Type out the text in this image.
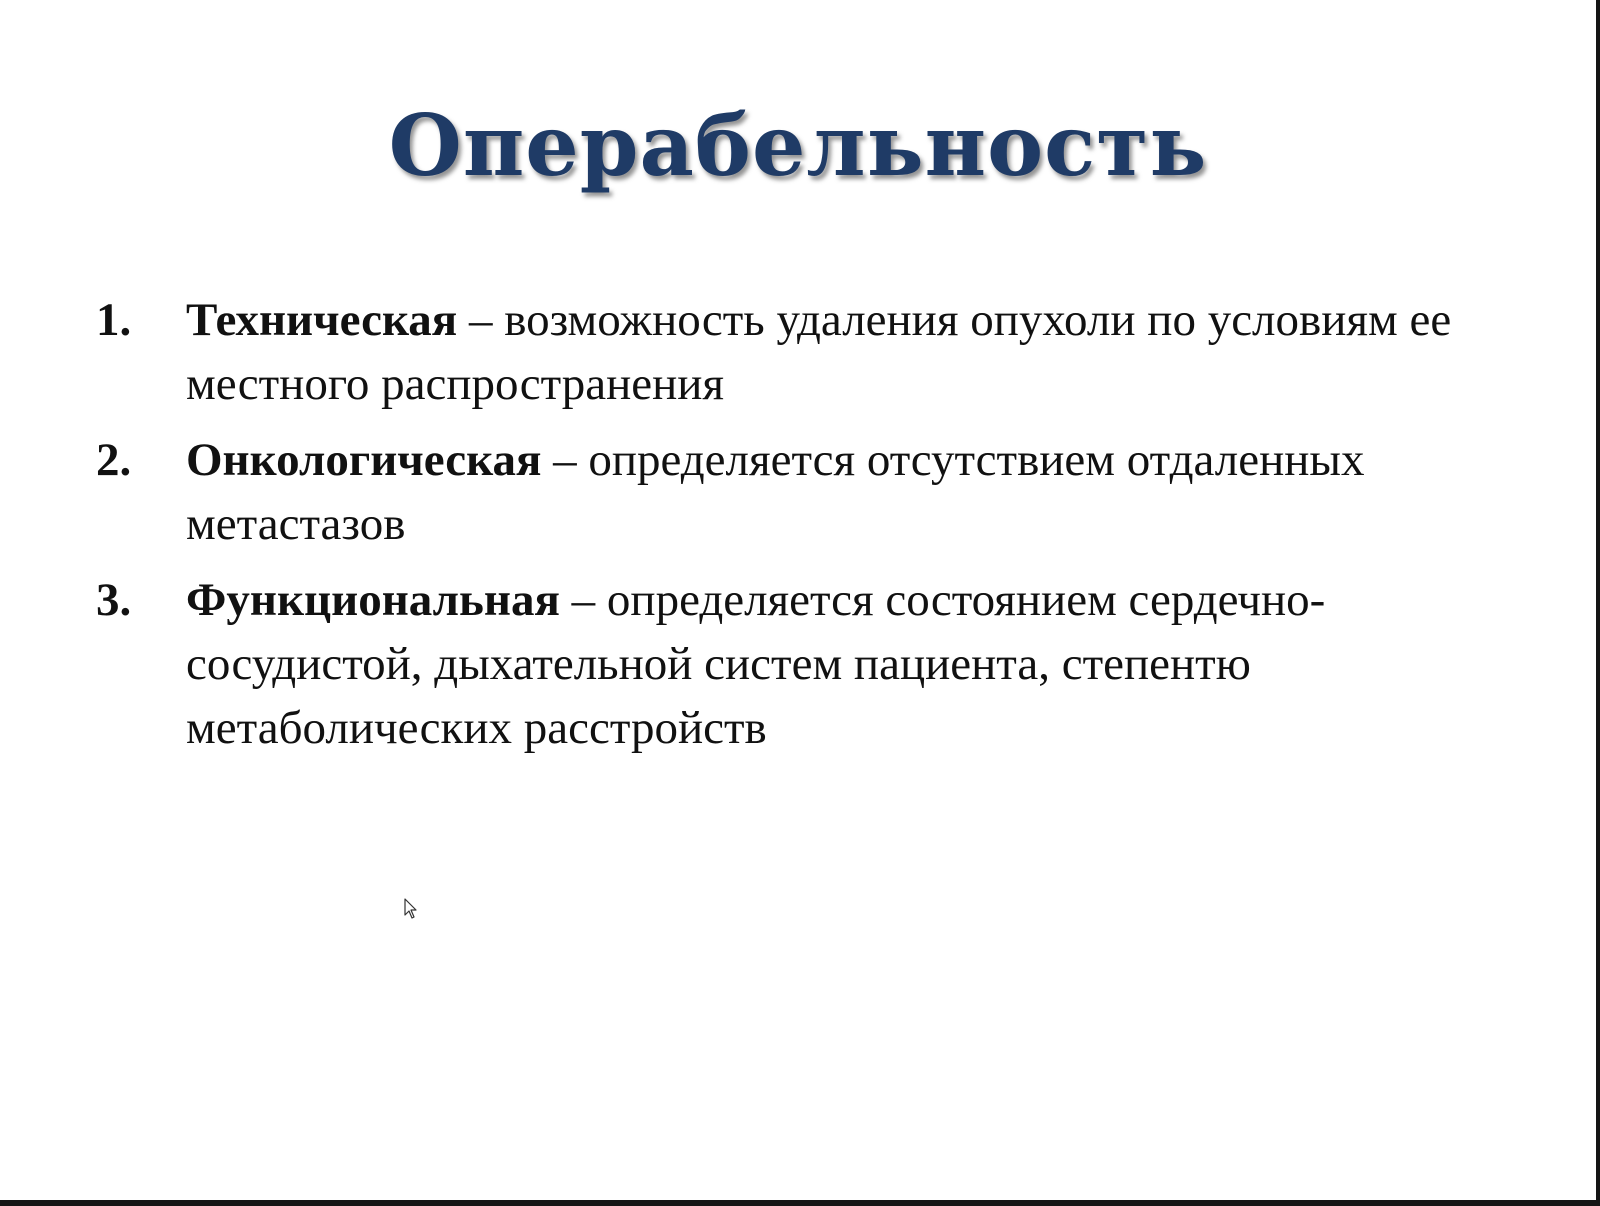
Операбельность
1. Техническая – возможность удаления опухоли по условиям ее местного распространения
2. Онкологическая – определяется отсутствием отдаленных метастазов
3. Функциональная – определяется состоянием сердечно-сосудистой, дыхательной систем пациента, степентю метаболических расстройств
